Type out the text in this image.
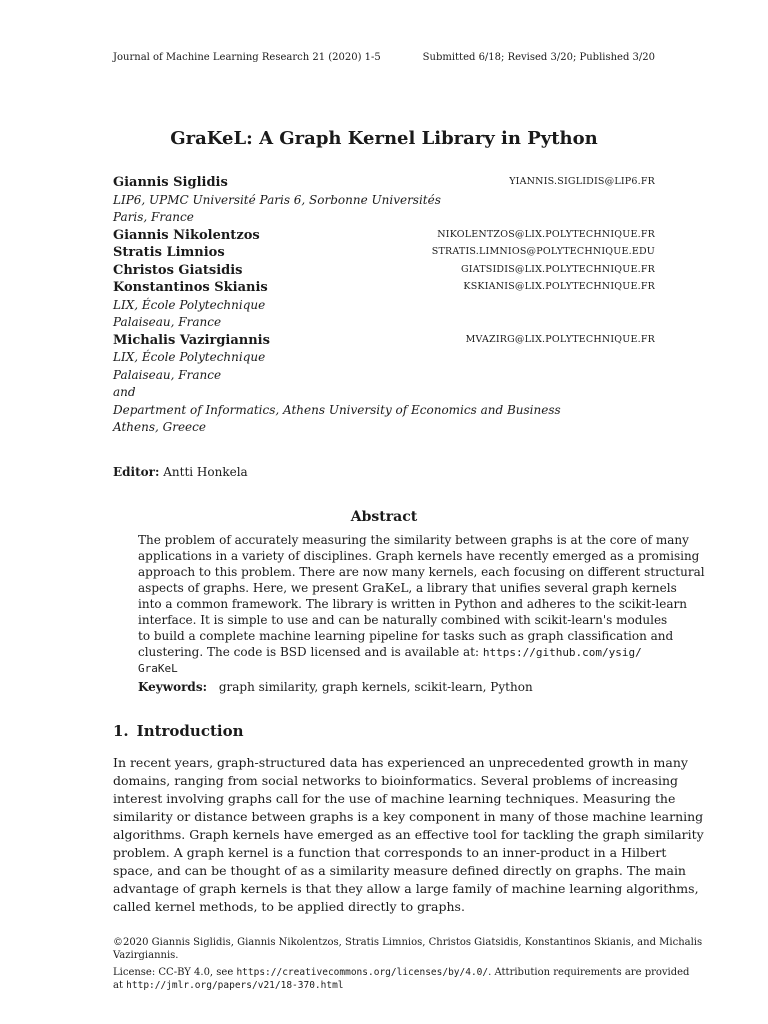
Journal of Machine Learning Research 21 (2020) 1-5	Submitted 6/18; Revised 3/20; Published 3/20
GraKeL: A Graph Kernel Library in Python
Giannis Siglidis	YIANNIS.SIGLIDIS@LIP6.FR
LIP6, UPMC Université Paris 6, Sorbonne Universités
Paris, France
Giannis Nikolentzos	NIKOLENTZOS@LIX.POLYTECHNIQUE.FR
Stratis Limnios	STRATIS.LIMNIOS@POLYTECHNIQUE.EDU
Christos Giatsidis	GIATSIDIS@LIX.POLYTECHNIQUE.FR
Konstantinos Skianis	KSKIANIS@LIX.POLYTECHNIQUE.FR
LIX, École Polytechnique
Palaiseau, France
Michalis Vazirgiannis	MVAZIRG@LIX.POLYTECHNIQUE.FR
LIX, École Polytechnique
Palaiseau, France
and
Department of Informatics, Athens University of Economics and Business
Athens, Greece
Editor: Antti Honkela
Abstract
The problem of accurately measuring the similarity between graphs is at the core of many
applications in a variety of disciplines. Graph kernels have recently emerged as a promising
approach to this problem. There are now many kernels, each focusing on different structural
aspects of graphs. Here, we present GraKeL, a library that unifies several graph kernels
into a common framework. The library is written in Python and adheres to the scikit-learn
interface. It is simple to use and can be naturally combined with scikit-learn's modules
to build a complete machine learning pipeline for tasks such as graph classification and
clustering. The code is BSD licensed and is available at: https://github.com/ysig/
GraKeL
Keywords: graph similarity, graph kernels, scikit-learn, Python
1. Introduction
In recent years, graph-structured data has experienced an unprecedented growth in many
domains, ranging from social networks to bioinformatics. Several problems of increasing
interest involving graphs call for the use of machine learning techniques. Measuring the
similarity or distance between graphs is a key component in many of those machine learning
algorithms. Graph kernels have emerged as an effective tool for tackling the graph similarity
problem. A graph kernel is a function that corresponds to an inner-product in a Hilbert
space, and can be thought of as a similarity measure defined directly on graphs. The main
advantage of graph kernels is that they allow a large family of machine learning algorithms,
called kernel methods, to be applied directly to graphs.
©2020 Giannis Siglidis, Giannis Nikolentzos, Stratis Limnios, Christos Giatsidis, Konstantinos Skianis, and Michalis
Vazirgiannis.
License: CC-BY 4.0, see https://creativecommons.org/licenses/by/4.0/. Attribution requirements are provided
at http://jmlr.org/papers/v21/18-370.html
